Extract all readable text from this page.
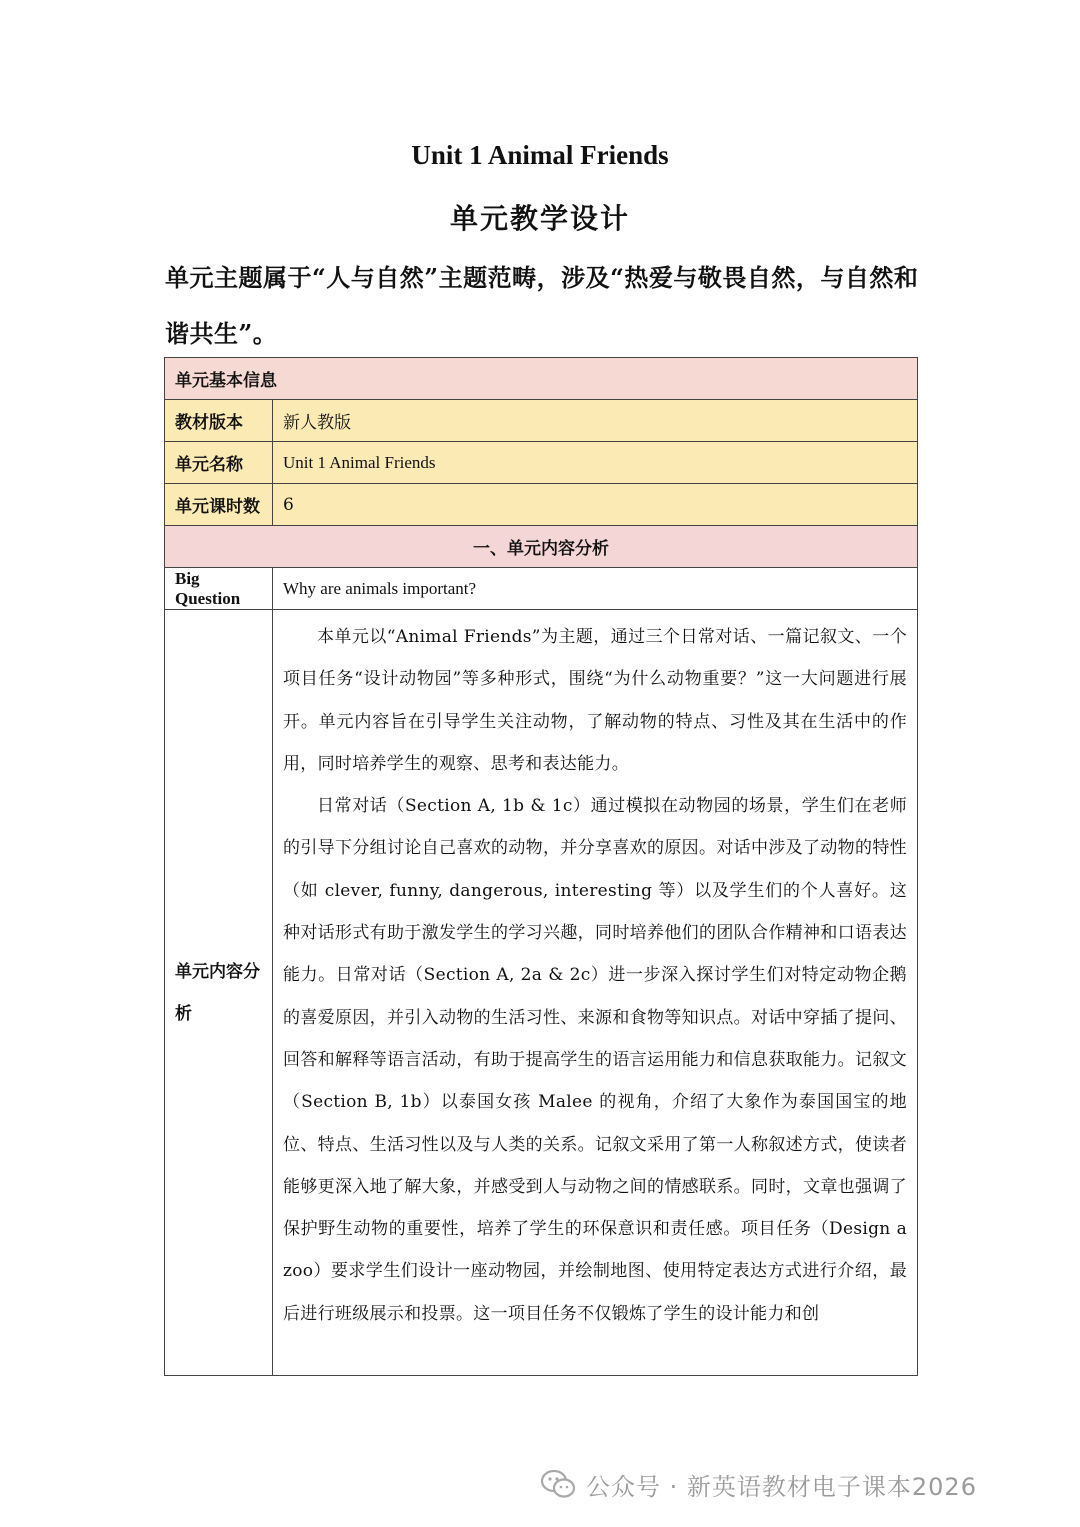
Unit 1 Animal Friends
单元教学设计
单元主题属于“人与自然”主题范畴，涉及“热爱与敬畏自然，与自然和谐共生”。
单元基本信息	
教材版本	新人教版
单元名称	Unit 1 Animal Friends
单元课时数	6
一、单元内容分析	
Big Question	Why are animals important?

单元内容分析	本单元以“Animal Friends”为主题，通过三个日常对话、一篇记叙文、一个项目任务“设计动物园”等多种形式，围绕“为什么动物重要？”这一大问题进行展开。单元内容旨在引导学生关注动物，了解动物的特点、习性及其在生活中的作用，同时培养学生的观察、思考和表达能力。

日常对话（Section A, 1b & 1c）通过模拟在动物园的场景，学生们在老师的引导下分组讨论自己喜欢的动物，并分享喜欢的原因。对话中涉及了动物的特性（如 clever, funny, dangerous, interesting 等）以及学生们的个人喜好。这种对话形式有助于激发学生的学习兴趣，同时培养他们的团队合作精神和口语表达能力。日常对话（Section A, 2a & 2c）进一步深入探讨学生们对特定动物企鹅的喜爱原因，并引入动物的生活习性、来源和食物等知识点。对话中穿插了提问、回答和解释等语言活动，有助于提高学生的语言运用能力和信息获取能力。记叙文（Section B, 1b）以泰国女孩 Malee 的视角，介绍了大象作为泰国国宝的地位、特点、生活习性以及与人类的关系。记叙文采用了第一人称叙述方式，使读者能够更深入地了解大象，并感受到人与动物之间的情感联系。同时，文章也强调了保护野生动物的重要性，培养了学生的环保意识和责任感。项目任务（Design a zoo）要求学生们设计一座动物园，并绘制地图、使用特定表达方式进行介绍，最后进行班级展示和投票。这一项目任务不仅锻炼了学生的设计能力和创

公众号 · 新英语教材电子课本2026
